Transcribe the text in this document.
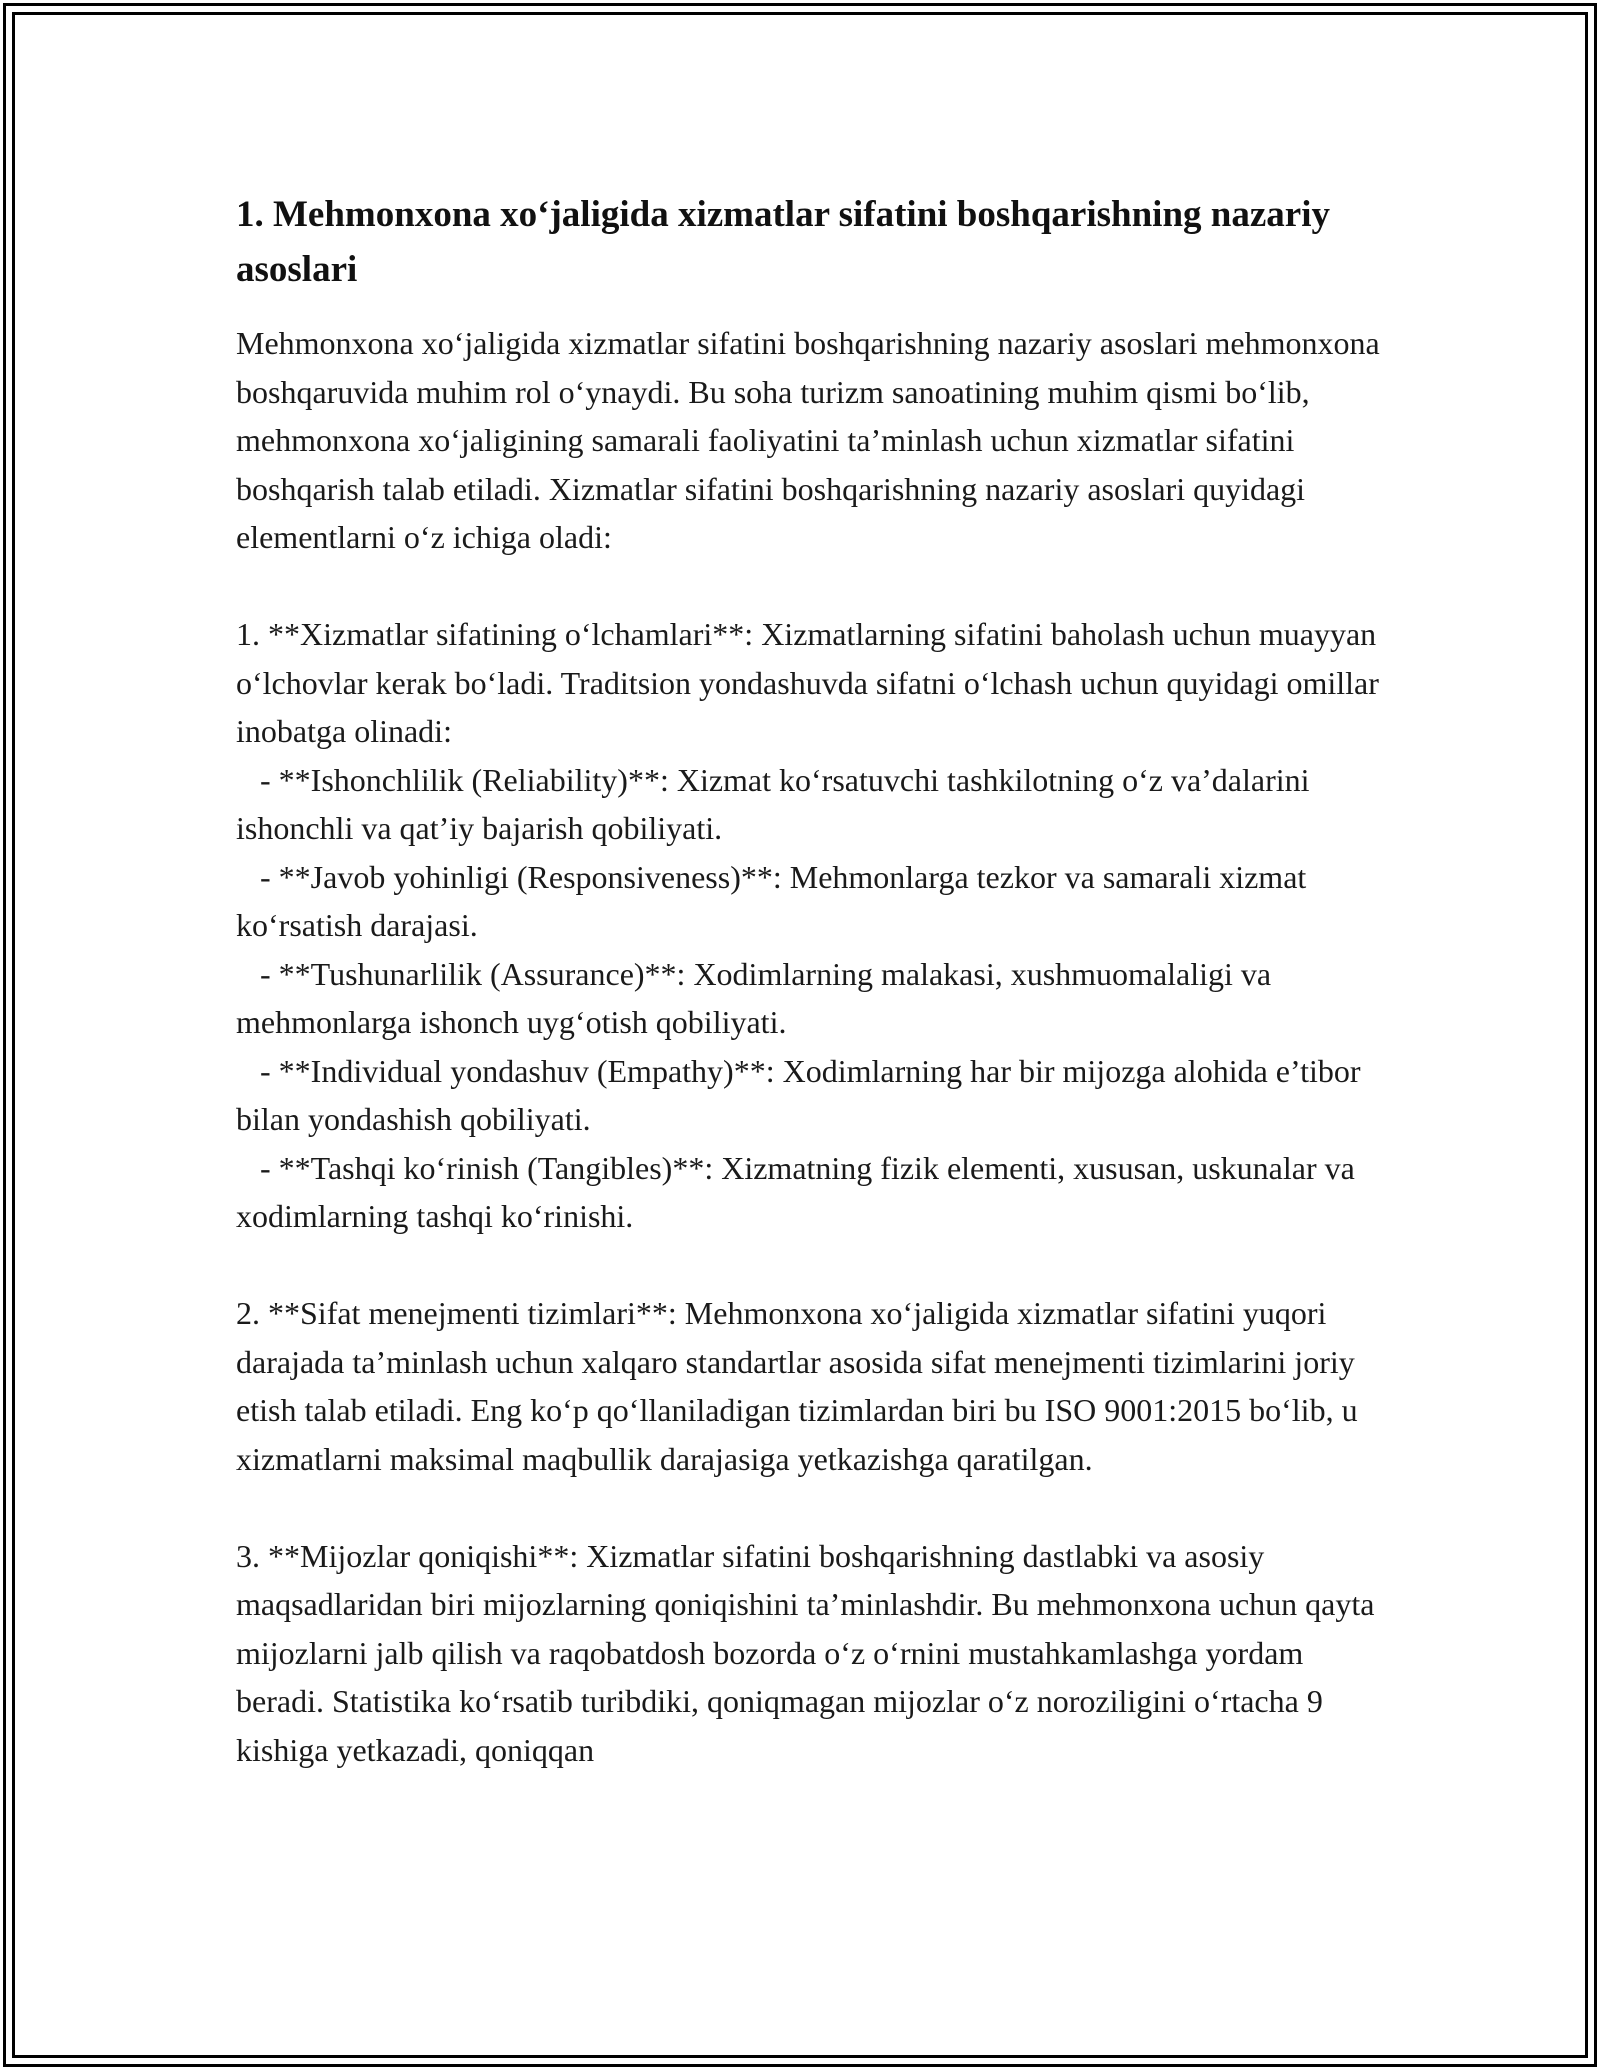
1. Mehmonxona xo‘jaligida xizmatlar sifatini boshqarishning nazariy asoslari

Mehmonxona xo‘jaligida xizmatlar sifatini boshqarishning nazariy asoslari mehmonxona boshqaruvida muhim rol o‘ynaydi. Bu soha turizm sanoatining muhim qismi bo‘lib, mehmonxona xo‘jaligining samarali faoliyatini ta’minlash uchun xizmatlar sifatini boshqarish talab etiladi. Xizmatlar sifatini boshqarishning nazariy asoslari quyidagi elementlarni o‘z ichiga oladi:

1. **Xizmatlar sifatining o‘lchamlari**: Xizmatlarning sifatini baholash uchun muayyan o‘lchovlar kerak bo‘ladi. Traditsion yondashuvda sifatni o‘lchash uchun quyidagi omillar inobatga olinadi:
- **Ishonchlilik (Reliability)**: Xizmat ko‘rsatuvchi tashkilotning o‘z va’dalarini ishonchli va qat’iy bajarish qobiliyati.
- **Javob yohinligi (Responsiveness)**: Mehmonlarga tezkor va samarali xizmat ko‘rsatish darajasi.
- **Tushunarlilik (Assurance)**: Xodimlarning malakasi, xushmuomalaligi va mehmonlarga ishonch uyg‘otish qobiliyati.
- **Individual yondashuv (Empathy)**: Xodimlarning har bir mijozga alohida e’tibor bilan yondashish qobiliyati.
- **Tashqi ko‘rinish (Tangibles)**: Xizmatning fizik elementi, xususan, uskunalar va xodimlarning tashqi ko‘rinishi.

2. **Sifat menejmenti tizimlari**: Mehmonxona xo‘jaligida xizmatlar sifatini yuqori darajada ta’minlash uchun xalqaro standartlar asosida sifat menejmenti tizimlarini joriy etish talab etiladi. Eng ko‘p qo‘llaniladigan tizimlardan biri bu ISO 9001:2015 bo‘lib, u xizmatlarni maksimal maqbullik darajasiga yetkazishga qaratilgan.

3. **Mijozlar qoniqishi**: Xizmatlar sifatini boshqarishning dastlabki va asosiy maqsadlaridan biri mijozlarning qoniqishini ta’minlashdir. Bu mehmonxona uchun qayta mijozlarni jalb qilish va raqobatdosh bozorda o‘z o‘rnini mustahkamlashga yordam beradi. Statistika ko‘rsatib turibdiki, qoniqmagan mijozlar o‘z noroziligini o‘rtacha 9 kishiga yetkazadi, qoniqqan
